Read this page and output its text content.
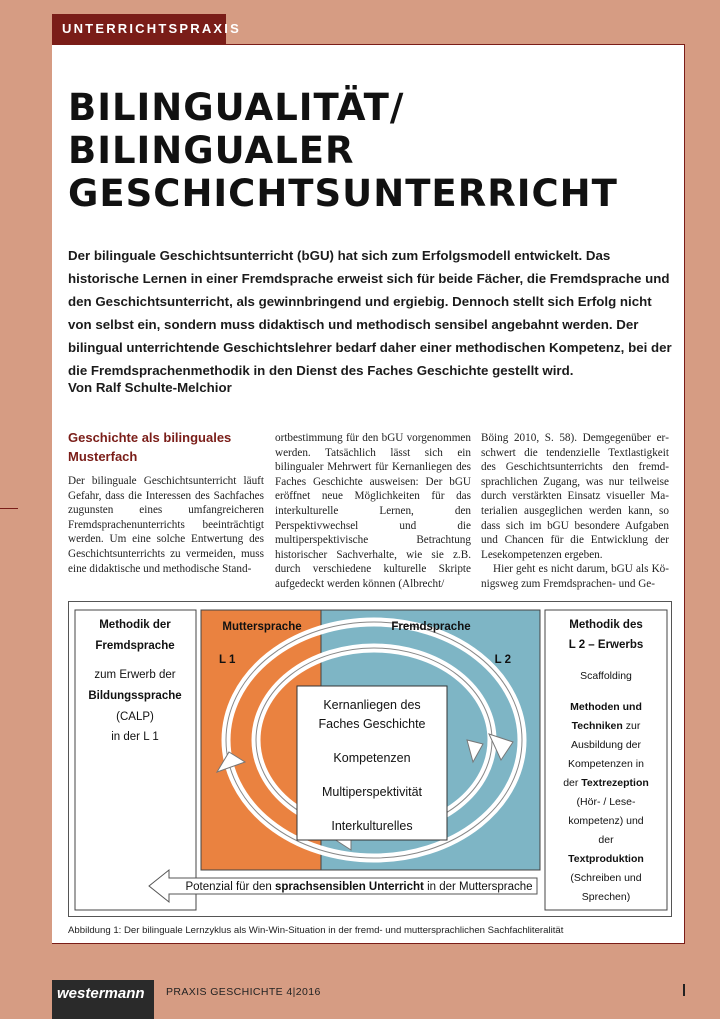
UNTERRICHTSPRAXIS
BILINGUALITÄT/
BILINGUALER
GESCHICHTSUNTERRICHT

Der bilinguale Geschichtsunterricht (bGU) hat sich zum Erfolgsmodell entwickelt. Das historische Lernen in einer Fremdsprache erweist sich für beide Fächer, die Fremdsprache und den Geschichtsunterricht, als gewinnbringend und ergiebig. Dennoch stellt sich Erfolg nicht von selbst ein, sondern muss didaktisch und methodisch sensibel angebahnt werden. Der bilingual unterrichtende Geschichtslehrer bedarf daher einer methodischen Kompetenz, bei der die Fremdsprachenmethodik in den Dienst des Faches Geschichte gestellt wird.

Von Ralf Schulte-Melchior
Geschichte als bilinguales Musterfach

Der bilinguale Geschichtsunterricht läuft Gefahr, dass die Interessen des Sachfaches zugunsten eines umfangreicheren Fremdsprachenunterrichts beeinträchtigt werden. Um eine solche Entwertung des Geschichtsunterrichts zu vermeiden, muss eine didaktische und methodische Stand-

ortbestimmung für den bGU vorgenommen werden. Tatsächlich lässt sich ein bilingualer Mehrwert für Kernanliegen des Faches Geschichte ausweisen: Der bGU eröffnet neue Möglichkeiten für das interkulturelle Lernen, den Perspektivwechsel und die multiperspektivische Betrachtung historischer Sachverhalte, wie sie z.B. durch verschiedene kulturelle Skripte aufgedeckt werden können (Albrecht/

Böing 2010, S. 58). Demgegenüber erschwert die tendenzielle Textlastigkeit des Geschichtsunterrichts den fremdsprachlichen Zugang, was nur teilweise durch verstärkten Einsatz visueller Materialien ausgeglichen werden kann, so dass sich im bGU besondere Aufgaben und Chancen für die Entwicklung der Lesekompetenzen ergeben.
Hier geht es nicht darum, bGU als Königsweg zum Fremdsprachen- und Ge-
Methodik der
Fremdsprache
zum Erwerb der
Bildungssprache
(CALP)
in der L 1
Muttersprache
L 1
Fremdsprache
L 2
Kernanliegen des
Faches Geschichte
Kompetenzen
Multiperspektivität
Interkulturelles
Methodik des
L 2 – Erwerbs
Scaffolding
Methoden und
Techniken zur
Ausbildung der
Kompetenzen in
der Textrezeption
(Hör- / Lese-
kompetenz) und
der
Textproduktion
(Schreiben und
Sprechen)
Potenzial für den sprachsensiblen Unterricht in der Muttersprache
Abbildung 1: Der bilinguale Lernzyklus als Win-Win-Situation in der fremd- und muttersprachlichen Sachfachliteralität
westermann	PRAXIS GESCHICHTE 4|2016
